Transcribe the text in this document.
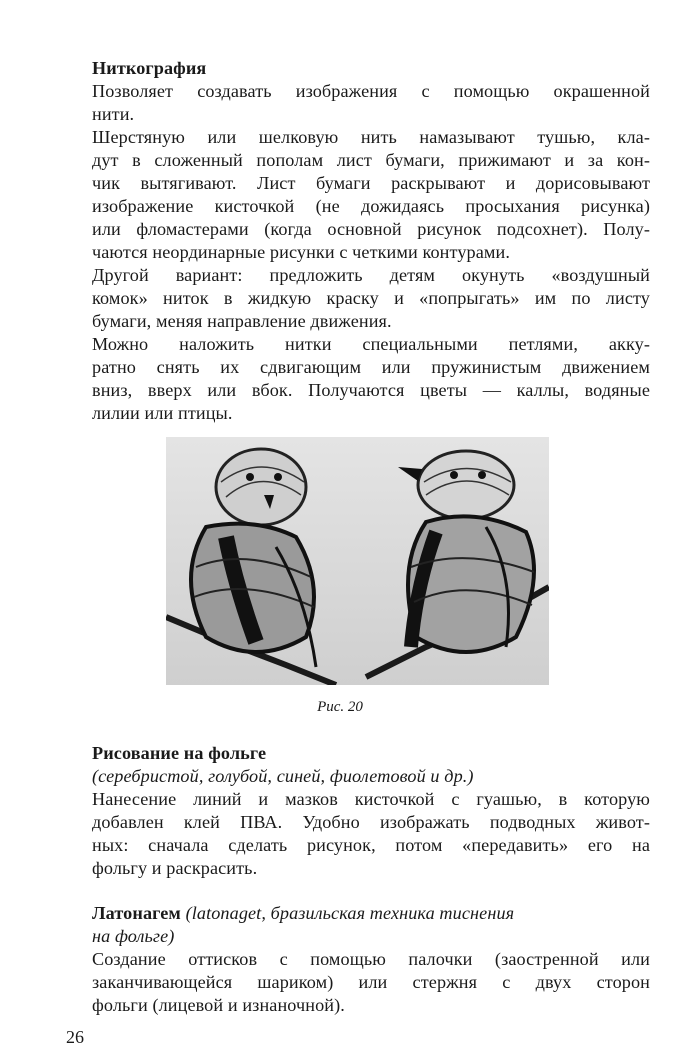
Ниткография
Позволяет создавать изображения с помощью окрашенной
нити.
Шерстяную или шелковую нить намазывают тушью, кла-
дут в сложенный пополам лист бумаги, прижимают и за кон-
чик вытягивают. Лист бумаги раскрывают и дорисовывают
изображение кисточкой (не дожидаясь просыхания рисунка)
или фломастерами (когда основной рисунок подсохнет). Полу-
чаются неординарные рисунки с четкими контурами.
Другой вариант: предложить детям окунуть «воздушный
комок» ниток в жидкую краску и «попрыгать» им по листу
бумаги, меняя направление движения.
Можно наложить нитки специальными петлями, акку-
ратно снять их сдвигающим или пружинистым движением
вниз, вверх или вбок. Получаются цветы — каллы, водяные
лилии или птицы.
Рис. 20
Рисование на фольге
(серебристой, голубой, синей, фиолетовой и др.)
Нанесение линий и мазков кисточкой с гуашью, в которую
добавлен клей ПВА. Удобно изображать подводных живот-
ных: сначала сделать рисунок, потом «передавить» его на
фольгу и раскрасить.
Латонагем (latonaget, бразильская техника тиснения
на фольге)
Создание оттисков с помощью палочки (заостренной или
заканчивающейся шариком) или стержня с двух сторон
фольги (лицевой и изнаночной).
26
